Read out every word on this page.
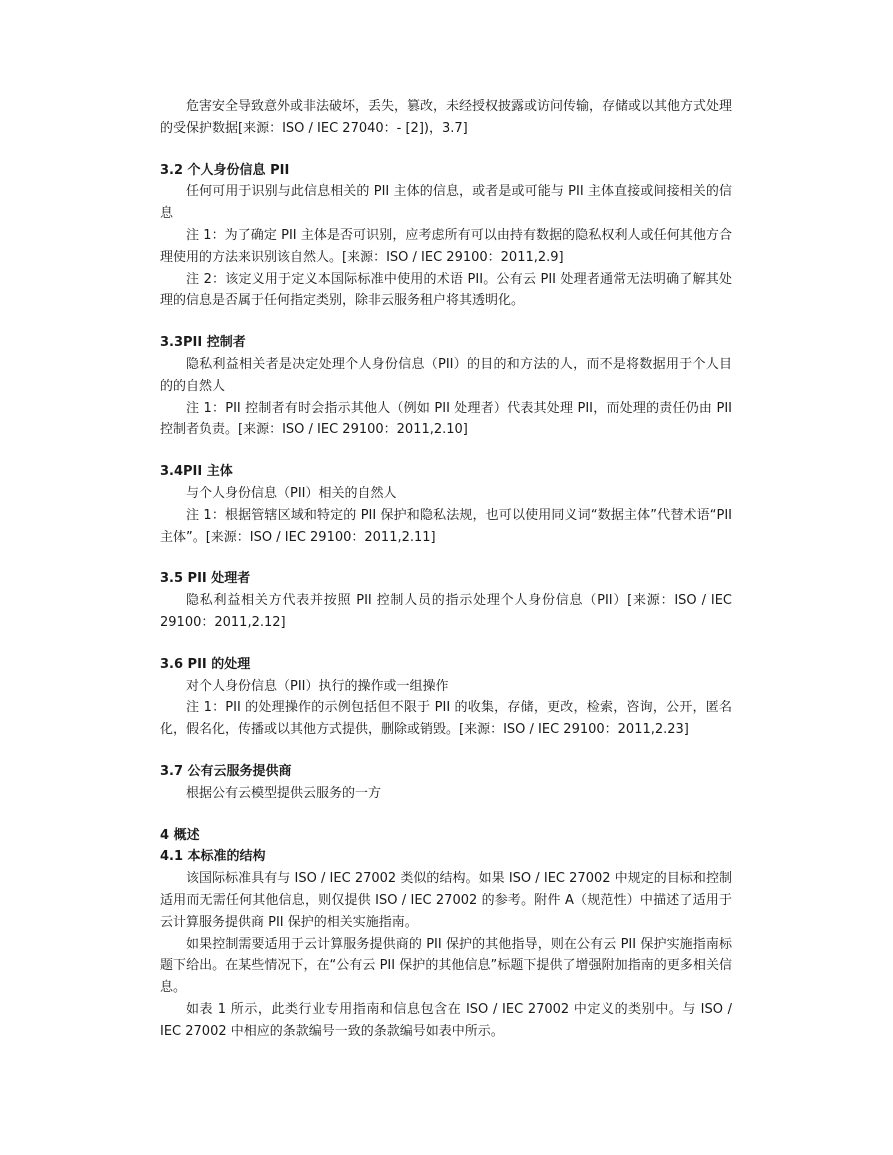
危害安全导致意外或非法破坏，丢失，篡改，未经授权披露或访问传输，存储或以其他方式处理的受保护数据[来源：ISO / IEC 27040：- [2])，3.7]

3.2 个人身份信息 PII

任何可用于识别与此信息相关的 PII 主体的信息，或者是或可能与 PII 主体直接或间接相关的信息

注 1：为了确定 PII 主体是否可识别，应考虑所有可以由持有数据的隐私权利人或任何其他方合理使用的方法来识别该自然人。[来源：ISO / IEC 29100：2011,2.9]

注 2：该定义用于定义本国际标准中使用的术语 PII。公有云 PII 处理者通常无法明确了解其处理的信息是否属于任何指定类别，除非云服务租户将其透明化。

3.3PII 控制者

隐私利益相关者是决定处理个人身份信息（PII）的目的和方法的人，而不是将数据用于个人目的的自然人

注 1：PII 控制者有时会指示其他人（例如 PII 处理者）代表其处理 PII，而处理的责任仍由 PII 控制者负责。[来源：ISO / IEC 29100：2011,2.10]

3.4PII 主体

与个人身份信息（PII）相关的自然人

注 1：根据管辖区域和特定的 PII 保护和隐私法规，也可以使用同义词“数据主体”代替术语“PII 主体”。[来源：ISO / IEC 29100：2011,2.11]

3.5 PII 处理者

隐私利益相关方代表并按照 PII 控制人员的指示处理个人身份信息（PII）[来源：ISO / IEC 29100：2011,2.12]

3.6 PII 的处理

对个人身份信息（PII）执行的操作或一组操作

注 1：PII 的处理操作的示例包括但不限于 PII 的收集，存储，更改，检索，咨询，公开，匿名化，假名化，传播或以其他方式提供，删除或销毁。[来源：ISO / IEC 29100：2011,2.23]

3.7 公有云服务提供商

根据公有云模型提供云服务的一方

4 概述

4.1 本标准的结构

该国际标准具有与 ISO / IEC 27002 类似的结构。如果 ISO / IEC 27002 中规定的目标和控制适用而无需任何其他信息，则仅提供 ISO / IEC 27002 的参考。附件 A（规范性）中描述了适用于云计算服务提供商 PII 保护的相关实施指南。

如果控制需要适用于云计算服务提供商的 PII 保护的其他指导，则在公有云 PII 保护实施指南标题下给出。在某些情况下，在“公有云 PII 保护的其他信息”标题下提供了增强附加指南的更多相关信息。

如表 1 所示，此类行业专用指南和信息包含在 ISO / IEC 27002 中定义的类别中。与 ISO / IEC 27002 中相应的条款编号一致的条款编号如表中所示。
